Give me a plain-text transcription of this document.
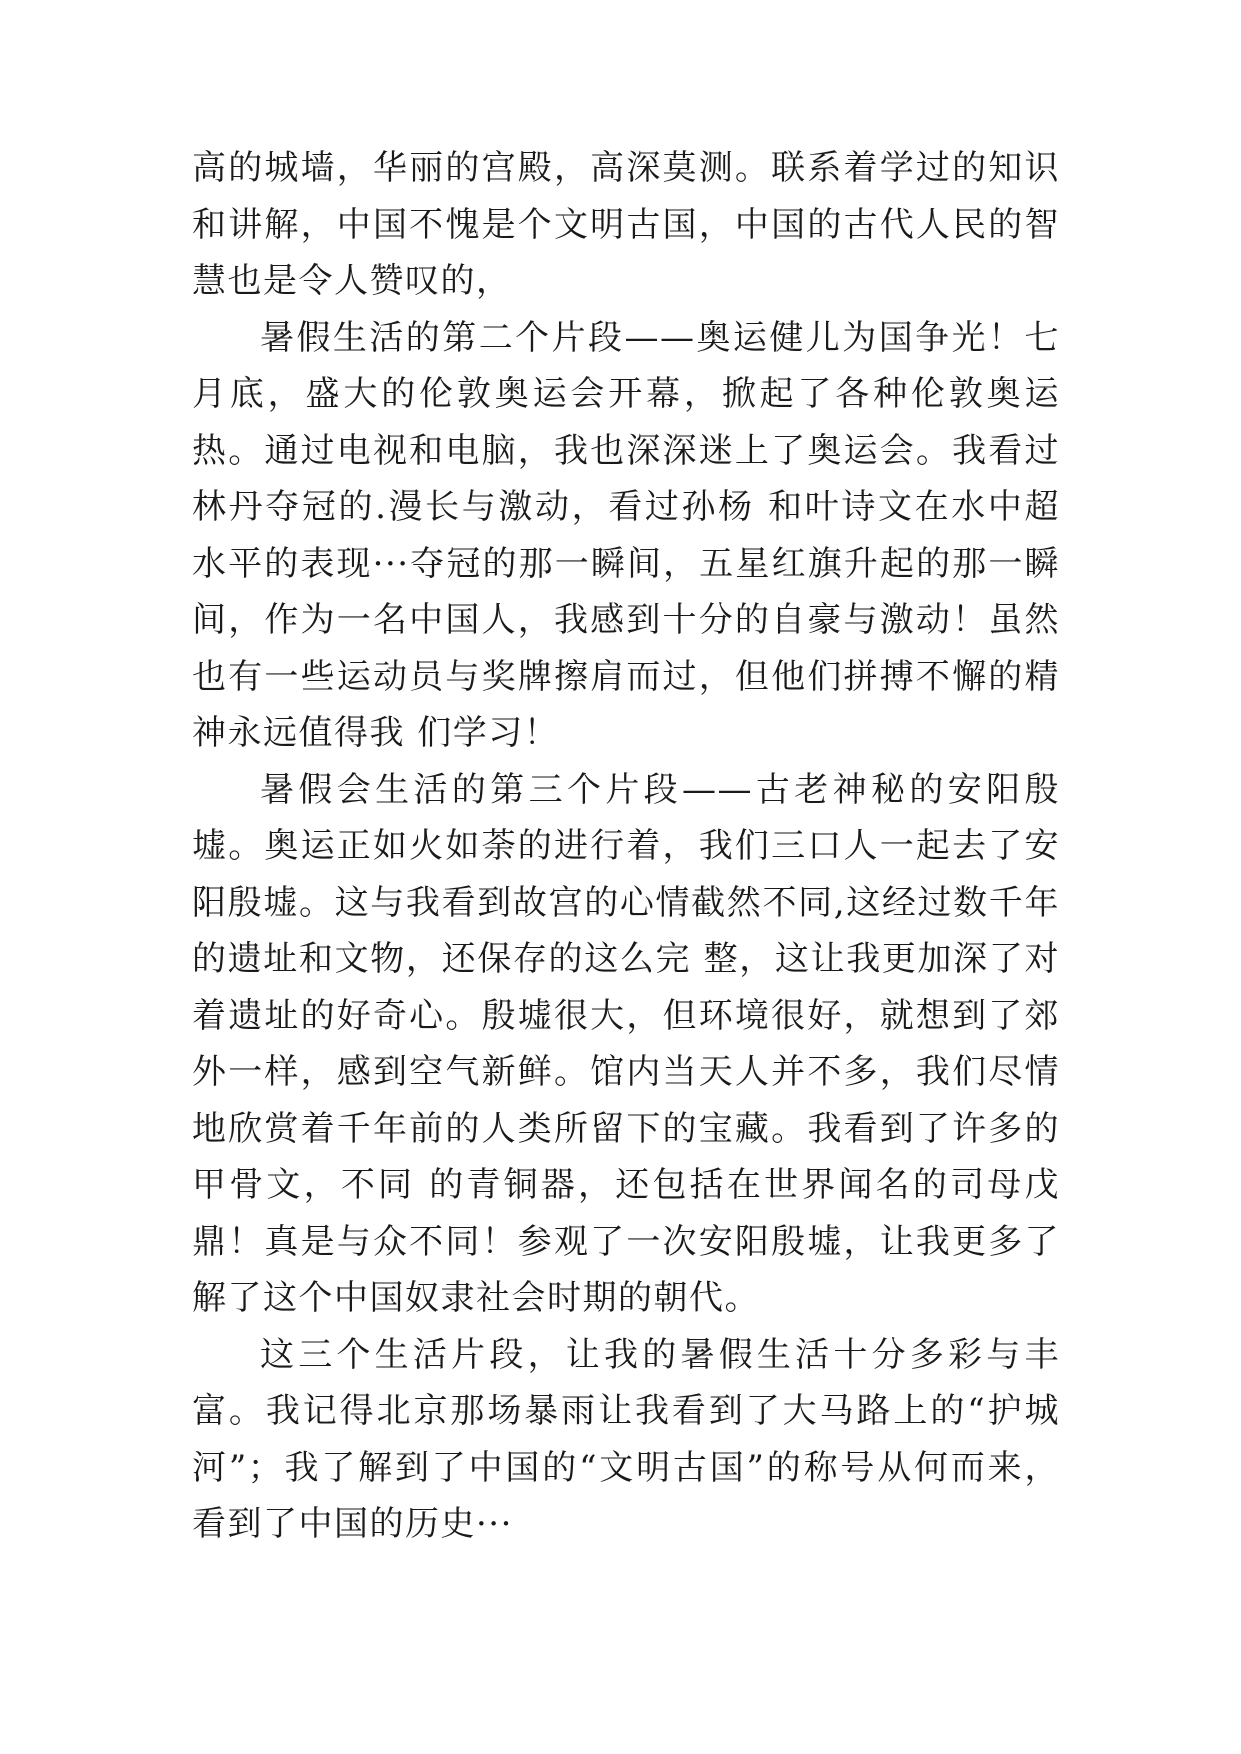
高的城墙，华丽的宫殿，高深莫测。联系着学过的知识和讲解，中国不愧是个文明古国，中国的古代人民的智慧也是令人赞叹的，

暑假生活的第二个片段——奥运健儿为国争光！七月底，盛大的伦敦奥运会开幕，掀起了各种伦敦奥运热。通过电视和电脑，我也深深迷上了奥运会。我看过林丹夺冠的.漫长与激动，看过孙杨 和叶诗文在水中超水平的表现···夺冠的那一瞬间，五星红旗升起的那一瞬间，作为一名中国人，我感到十分的自豪与激动！虽然也有一些运动员与奖牌擦肩而过，但他们拼搏不懈的精神永远值得我 们学习！

暑假会生活的第三个片段——古老神秘的安阳殷墟。奥运正如火如荼的进行着，我们三口人一起去了安阳殷墟。这与我看到故宫的心情截然不同,这经过数千年的遗址和文物，还保存的这么完 整，这让我更加深了对着遗址的好奇心。殷墟很大，但环境很好，就想到了郊外一样，感到空气新鲜。馆内当天人并不多，我们尽情地欣赏着千年前的人类所留下的宝藏。我看到了许多的甲骨文，不同 的青铜器，还包括在世界闻名的司母戊鼎！真是与众不同！参观了一次安阳殷墟，让我更多了解了这个中国奴隶社会时期的朝代。

这三个生活片段，让我的暑假生活十分多彩与丰富。我记得北京那场暴雨让我看到了大马路上的“护城河”；我了解到了中国的“文明古国”的称号从何而来，看到了中国的历史···
